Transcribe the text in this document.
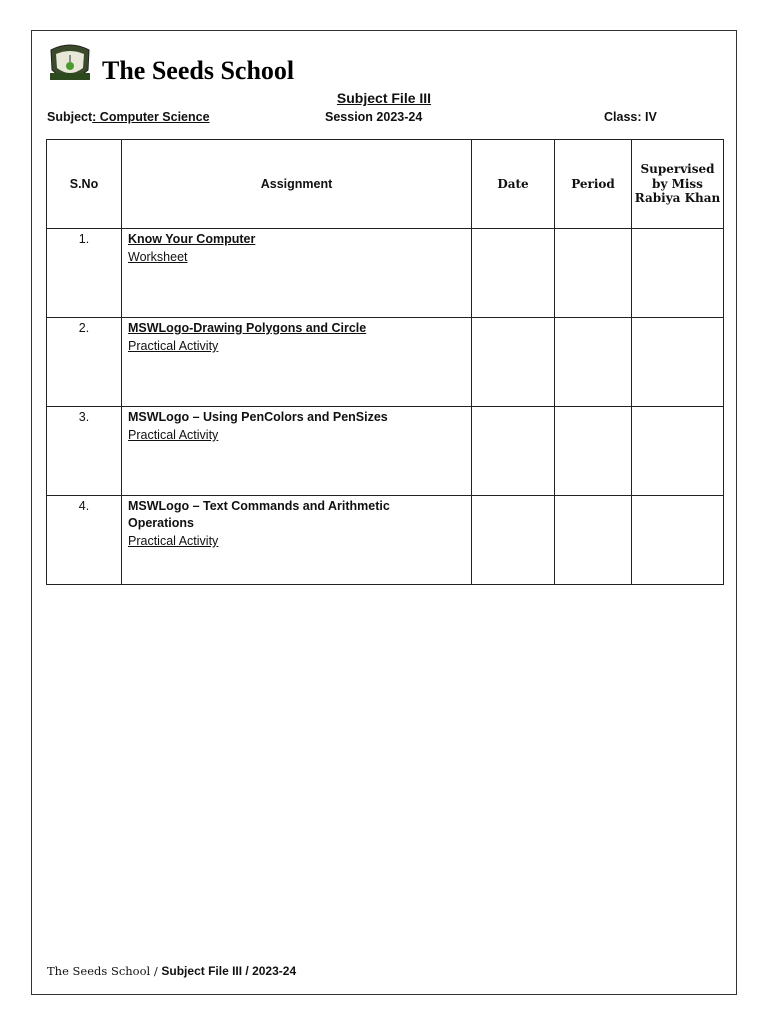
The Seeds School
Subject File III
Subject: Computer Science	Session 2023-24	Class: IV
S.No	Assignment	Date	Period	Supervised by Miss Rabiya Khan
1.	Know Your Computer
Worksheet			

2.	MSWLogo-Drawing Polygons and Circle
Practical Activity			

3.	MSWLogo – Using PenColors and PenSizes
Practical Activity			

4.	MSWLogo – Text Commands and Arithmetic Operations
Practical Activity			

The Seeds School / Subject File III / 2023-24
